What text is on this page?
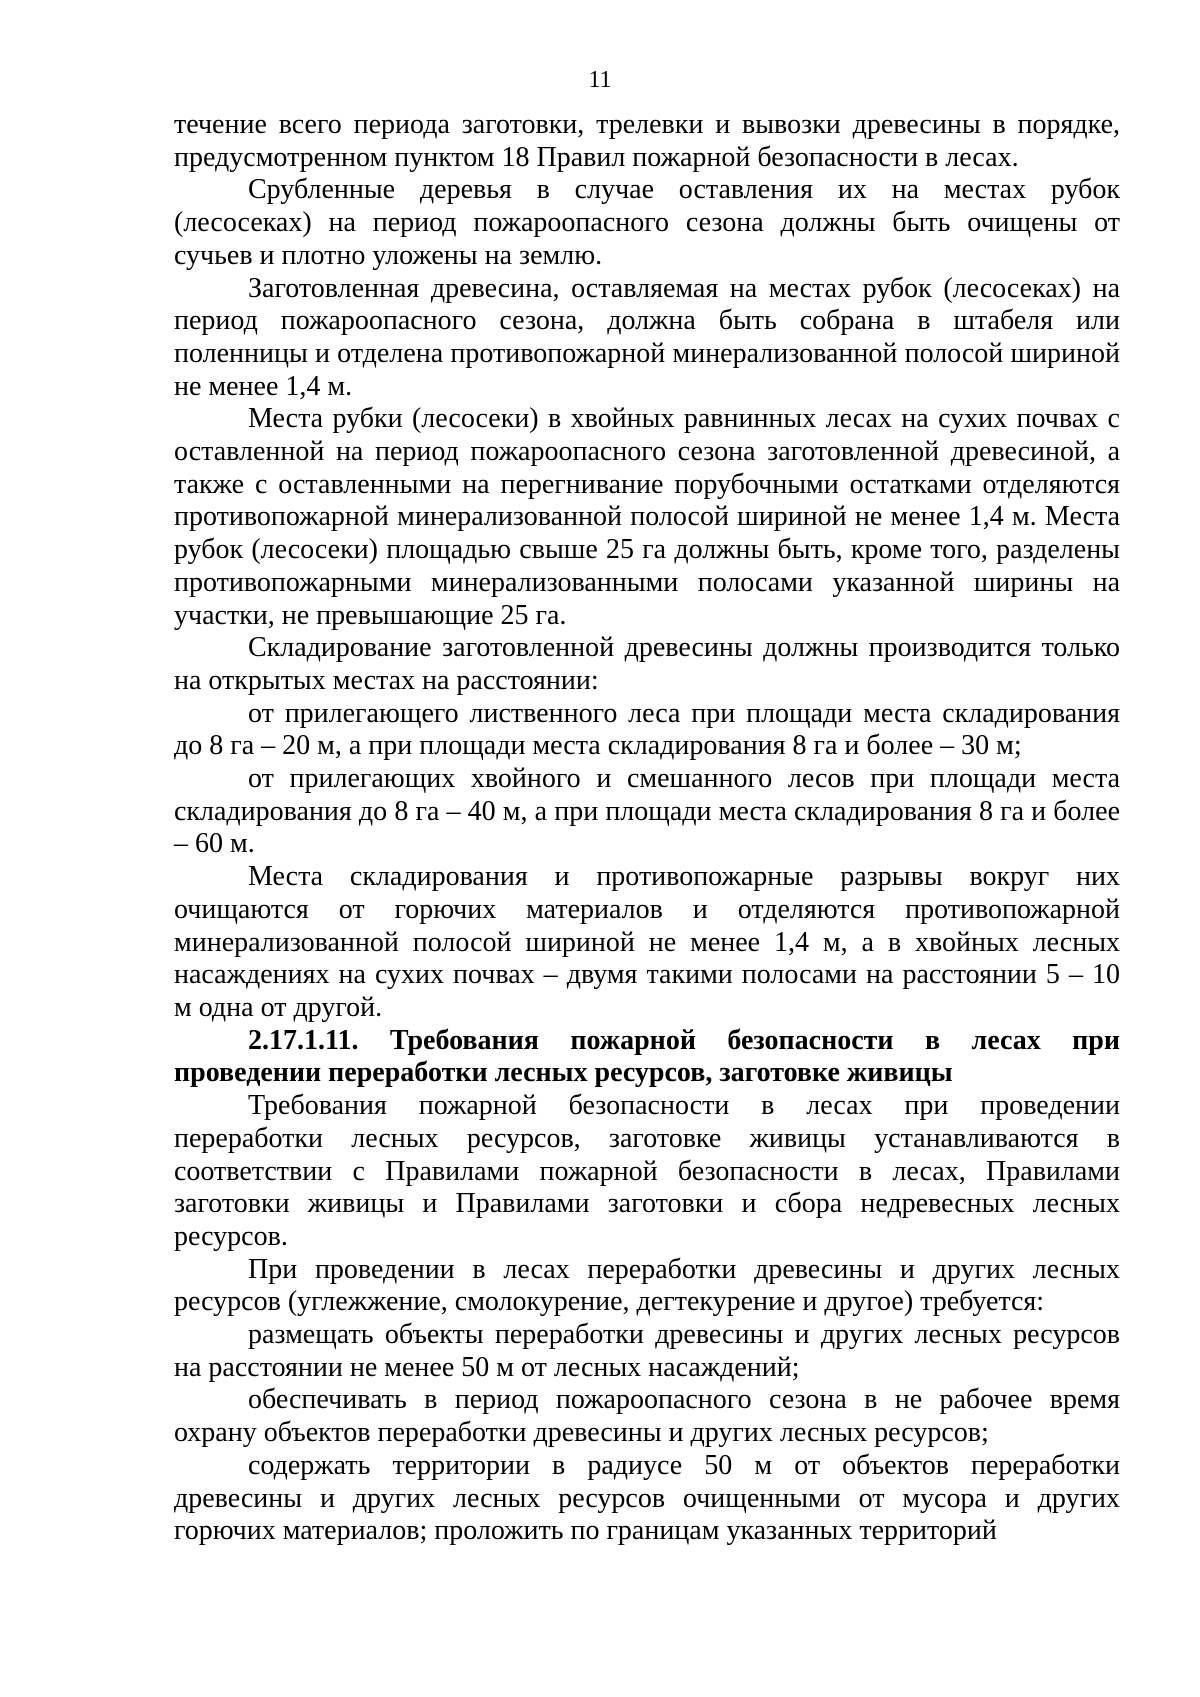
11

течение всего периода заготовки, трелевки и вывозки древесины в порядке, предусмотренном пунктом 18 Правил пожарной безопасности в лесах.

Срубленные деревья в случае оставления их на местах рубок (лесосеках) на период пожароопасного сезона должны быть очищены от сучьев и плотно уложены на землю.

Заготовленная древесина, оставляемая на местах рубок (лесосеках) на период пожароопасного сезона, должна быть собрана в штабеля или поленницы и отделена противопожарной минерализованной полосой шириной не менее 1,4 м.

Места рубки (лесосеки) в хвойных равнинных лесах на сухих почвах с оставленной на период пожароопасного сезона заготовленной древесиной, а также с оставленными на перегнивание порубочными остатками отделяются противопожарной минерализованной полосой шириной не менее 1,4 м. Места рубок (лесосеки) площадью свыше 25 га должны быть, кроме того, разделены противопожарными минерализованными полосами указанной ширины на участки, не превышающие 25 га.

Складирование заготовленной древесины должны производится только на открытых местах на расстоянии:

от прилегающего лиственного леса при площади места складирования до 8 га – 20 м, а при площади места складирования 8 га и более – 30 м;

от прилегающих хвойного и смешанного лесов при площади места складирования до 8 га – 40 м, а при площади места складирования 8 га и более – 60 м.

Места складирования и противопожарные разрывы вокруг них очищаются от горючих материалов и отделяются противопожарной минерализованной полосой шириной не менее 1,4 м, а в хвойных лесных насаждениях на сухих почвах – двумя такими полосами на расстоянии 5 – 10 м одна от другой.

2.17.1.11. Требования пожарной безопасности в лесах при проведении переработки лесных ресурсов, заготовке живицы

Требования пожарной безопасности в лесах при проведении переработки лесных ресурсов, заготовке живицы устанавливаются в соответствии с Правилами пожарной безопасности в лесах, Правилами заготовки живицы и Правилами заготовки и сбора недревесных лесных ресурсов.

При проведении в лесах переработки древесины и других лесных ресурсов (углежжение, смолокурение, дегтекурение и другое) требуется:

размещать объекты переработки древесины и других лесных ресурсов на расстоянии не менее 50 м от лесных насаждений;

обеспечивать в период пожароопасного сезона в не рабочее время охрану объектов переработки древесины и других лесных ресурсов;

содержать территории в радиусе 50 м от объектов переработки древесины и других лесных ресурсов очищенными от мусора и других горючих материалов; проложить по границам указанных территорий
